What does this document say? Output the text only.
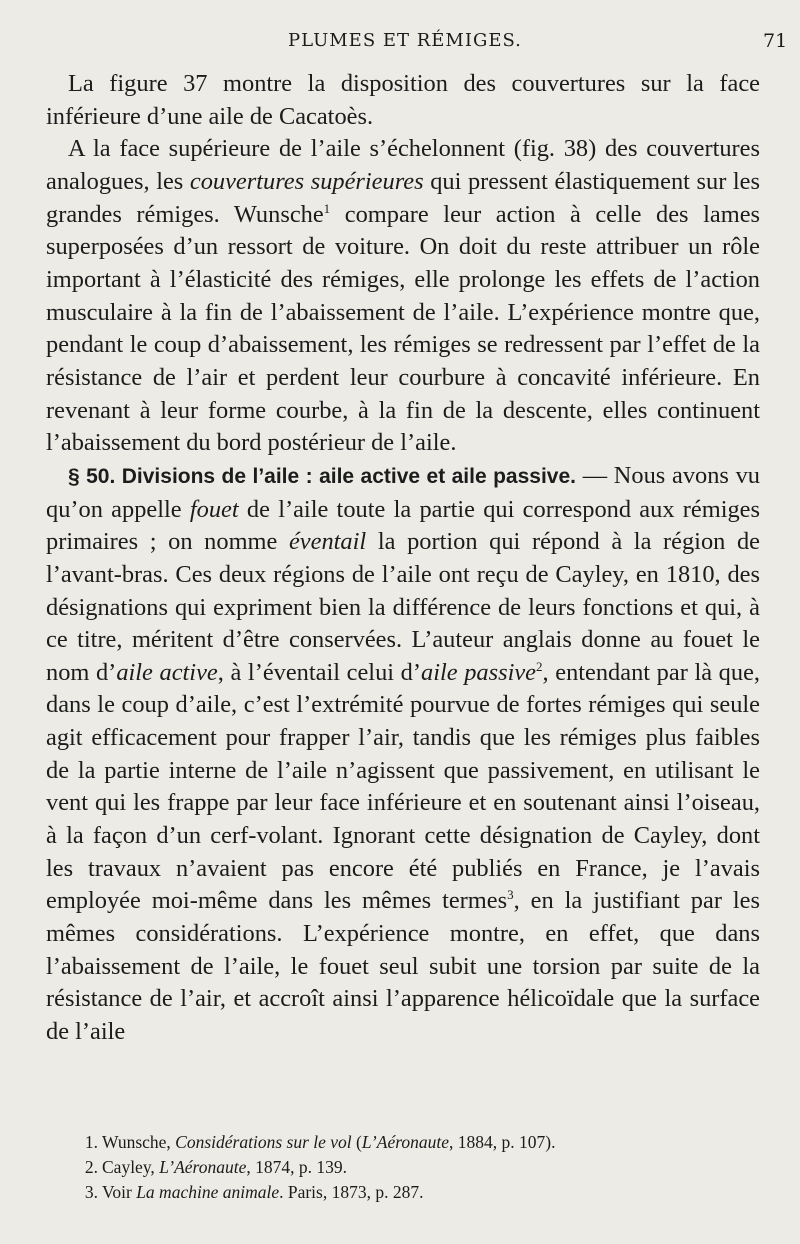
PLUMES ET RÉMIGES.	71

La figure 37 montre la disposition des couvertures sur la face inférieure d’une aile de Cacatoès.

A la face supérieure de l’aile s’échelonnent (fig. 38) des couvertures analogues, les couvertures supérieures qui pressent élastiquement sur les grandes rémiges. Wunsche$^1$ compare leur action à celle des lames superposées d’un ressort de voiture. On doit du reste attribuer un rôle important à l’élasticité des rémiges, elle prolonge les effets de l’action musculaire à la fin de l’abaissement de l’aile. L’expérience montre que, pendant le coup d’abaissement, les rémiges se redressent par l’effet de la résistance de l’air et perdent leur courbure à concavité inférieure. En revenant à leur forme courbe, à la fin de la descente, elles continuent l’abaissement du bord postérieur de l’aile.

§ 50. Divisions de l’aile : aile active et aile passive. — Nous avons vu qu’on appelle fouet de l’aile toute la partie qui correspond aux rémiges primaires ; on nomme éventail la portion qui répond à la région de l’avant-bras. Ces deux régions de l’aile ont reçu de Cayley, en 1810, des désignations qui expriment bien la différence de leurs fonctions et qui, à ce titre, méritent d’être conservées. L’auteur anglais donne au fouet le nom d’aile active, à l’éventail celui d’aile passive$^2$, entendant par là que, dans le coup d’aile, c’est l’extrémité pourvue de fortes rémiges qui seule agit efficacement pour frapper l’air, tandis que les rémiges plus faibles de la partie interne de l’aile n’agissent que passivement, en utilisant le vent qui les frappe par leur face inférieure et en soutenant ainsi l’oiseau, à la façon d’un cerf-volant. Ignorant cette désignation de Cayley, dont les travaux n’avaient pas encore été publiés en France, je l’avais employée moi-même dans les mêmes termes$^3$, en la justifiant par les mêmes considérations. L’expérience montre, en effet, que dans l’abaissement de l’aile, le fouet seul subit une torsion par suite de la résistance de l’air, et accroît ainsi l’apparence hélicoïdale que la surface de l’aile

1. Wunsche, Considérations sur le vol (L’Aéronaute, 1884, p. 107).
2. Cayley, L’Aéronaute, 1874, p. 139.
3. Voir La machine animale. Paris, 1873, p. 287.
